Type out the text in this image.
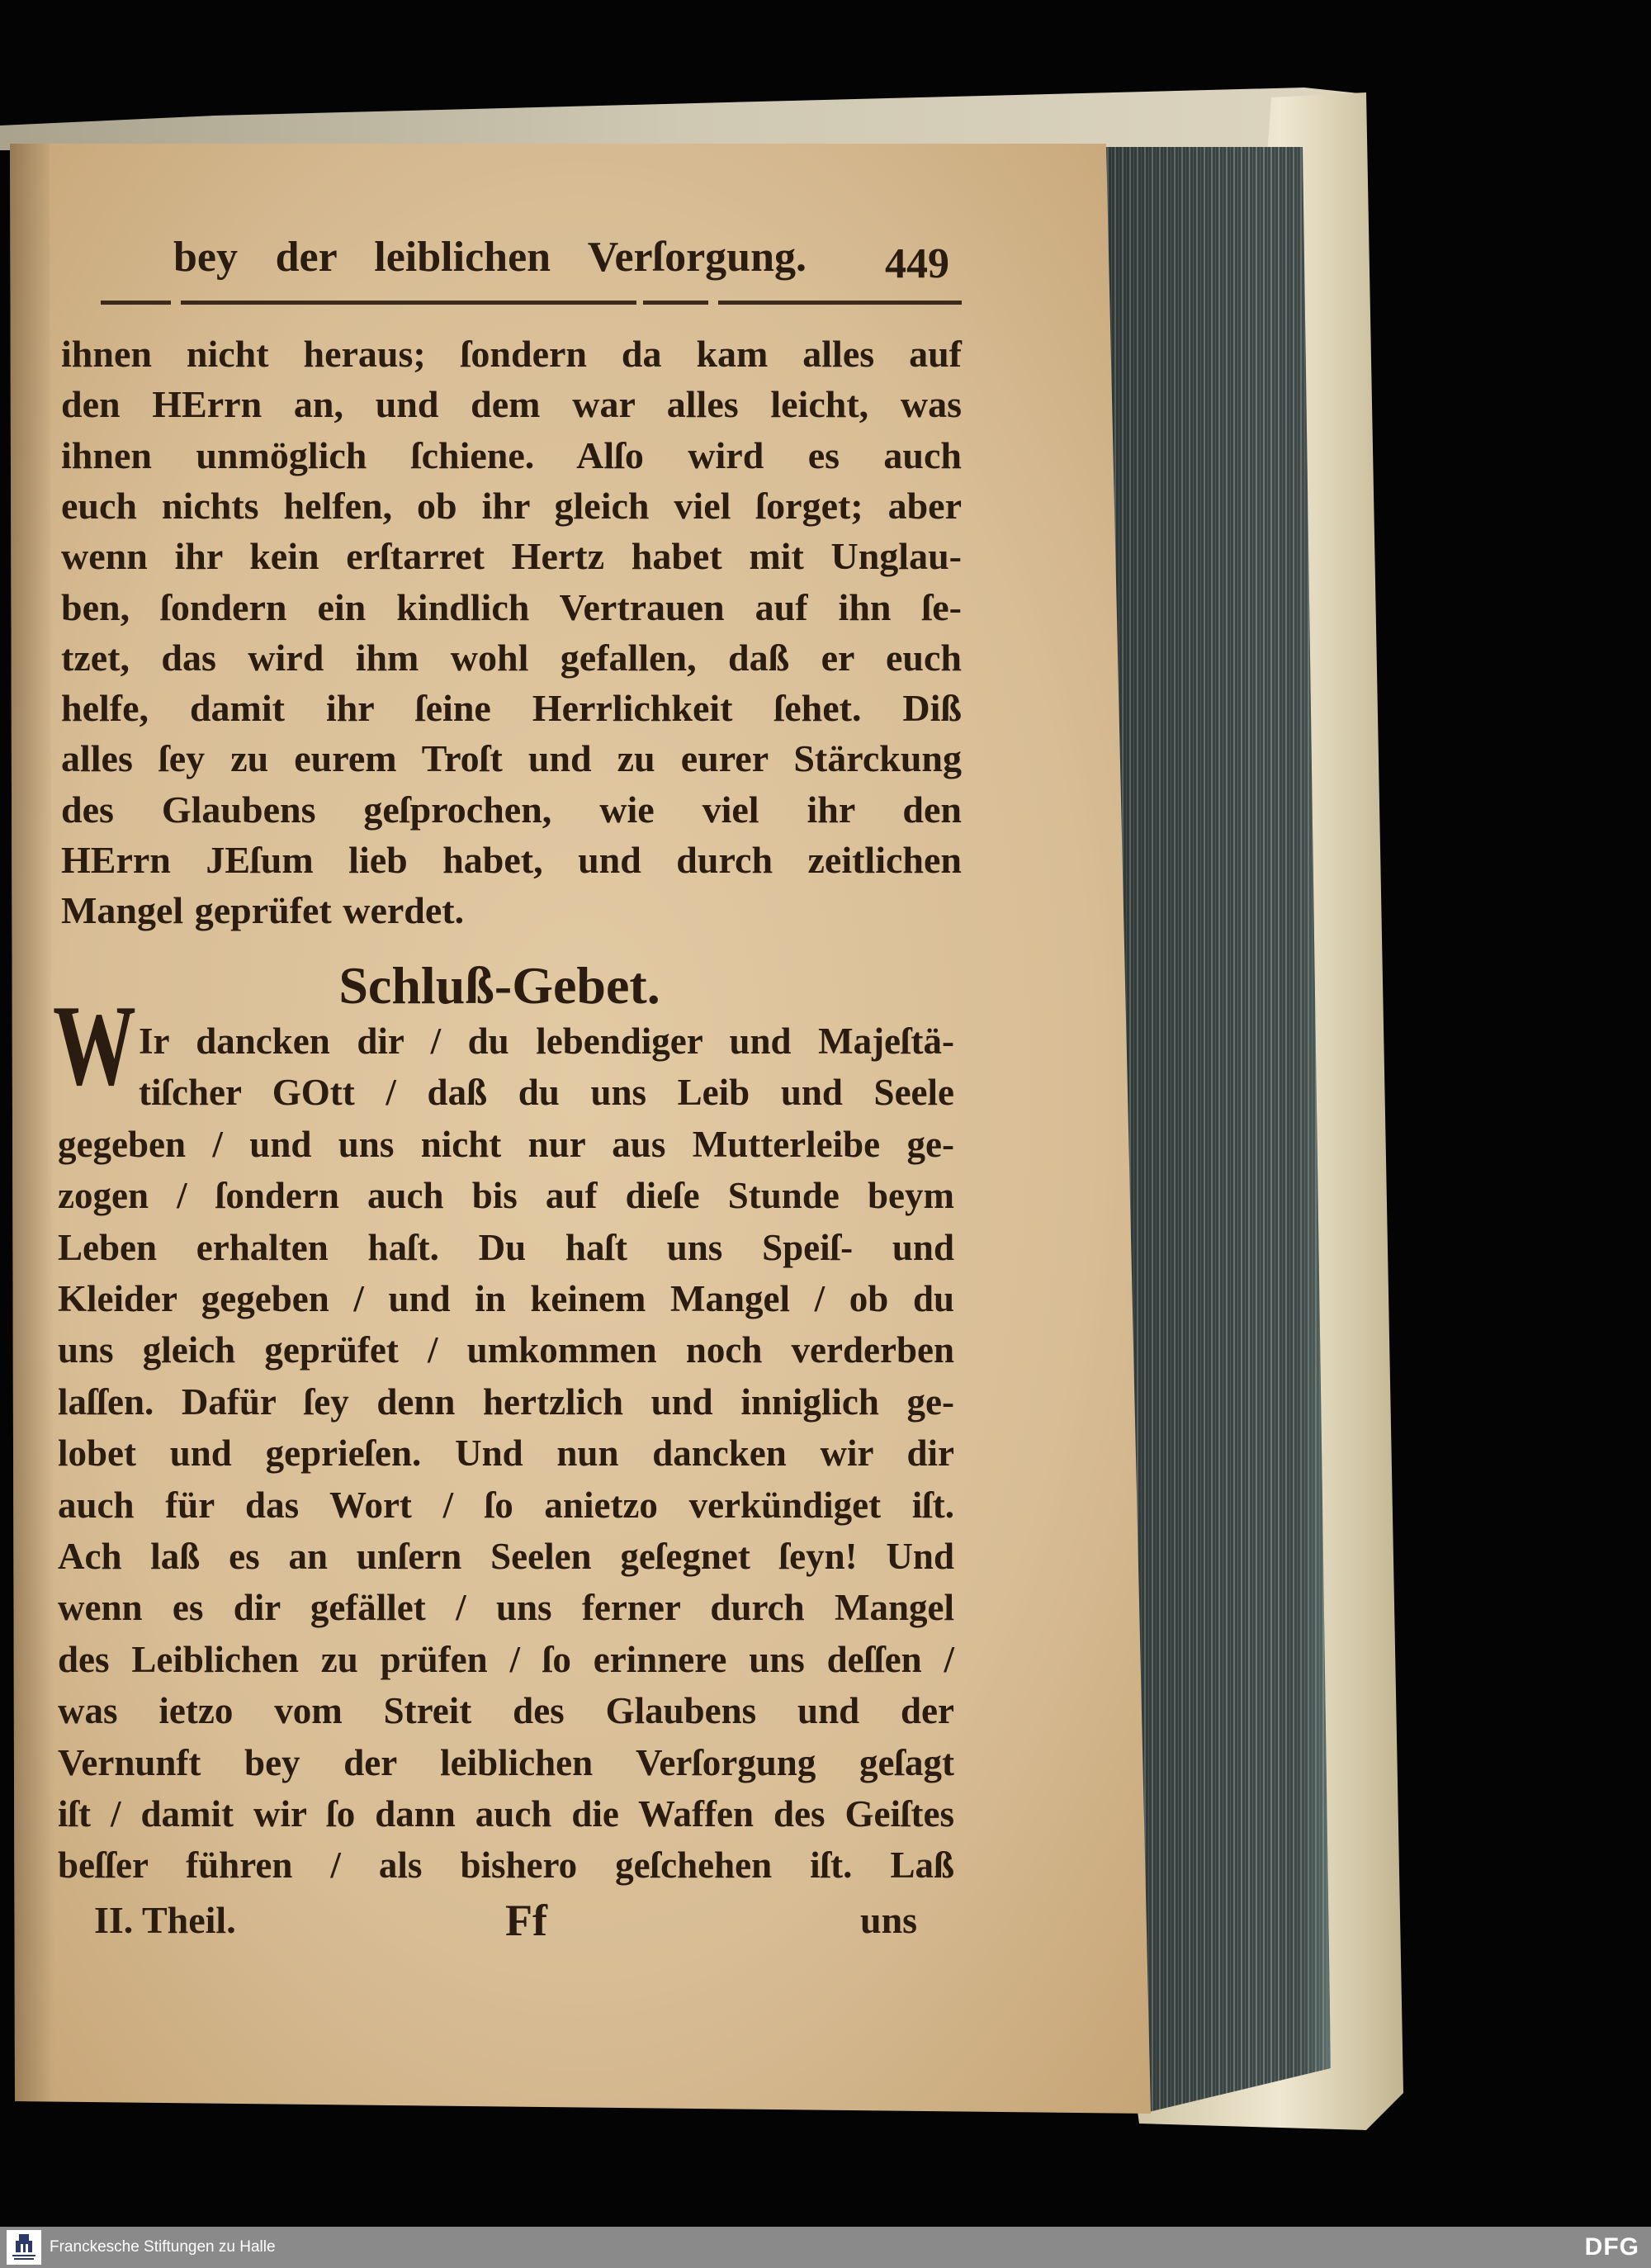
bey der leiblichen Verſorgung. 449
ihnen nicht heraus; ſondern da kam alles auf
den HErrn an, und dem war alles leicht, was
ihnen unmöglich ſchiene. Alſo wird es auch
euch nichts helfen, ob ihr gleich viel ſorget; aber
wenn ihr kein erſtarret Hertz habet mit Unglau-
ben, ſondern ein kindlich Vertrauen auf ihn ſe-
tzet, das wird ihm wohl gefallen, daß er euch
helfe, damit ihr ſeine Herrlichkeit ſehet. Diß
alles ſey zu eurem Troſt und zu eurer Stärckung
des Glaubens geſprochen, wie viel ihr den
HErrn JEſum lieb habet, und durch zeitlichen
Mangel geprüfet werdet.
Schluß-Gebet.
W Ir dancken dir / du lebendiger und Majeſtä-
tiſcher GOtt / daß du uns Leib und Seele
gegeben / und uns nicht nur aus Mutterleibe ge-
zogen / ſondern auch bis auf dieſe Stunde beym
Leben erhalten haſt. Du haſt uns Speiſ- und
Kleider gegeben / und in keinem Mangel / ob du
uns gleich geprüfet / umkommen noch verderben
laſſen. Dafür ſey denn hertzlich und inniglich ge-
lobet und geprieſen. Und nun dancken wir dir
auch für das Wort / ſo anietzo verkündiget iſt.
Ach laß es an unſern Seelen geſegnet ſeyn! Und
wenn es dir gefället / uns ferner durch Mangel
des Leiblichen zu prüfen / ſo erinnere uns deſſen /
was ietzo vom Streit des Glaubens und der
Vernunft bey der leiblichen Verſorgung geſagt
iſt / damit wir ſo dann auch die Waffen des Geiſtes
beſſer führen / als bishero geſchehen iſt. Laß
II. Theil.	Ff	uns
Franckesche Stiftungen zu Halle	DFG
